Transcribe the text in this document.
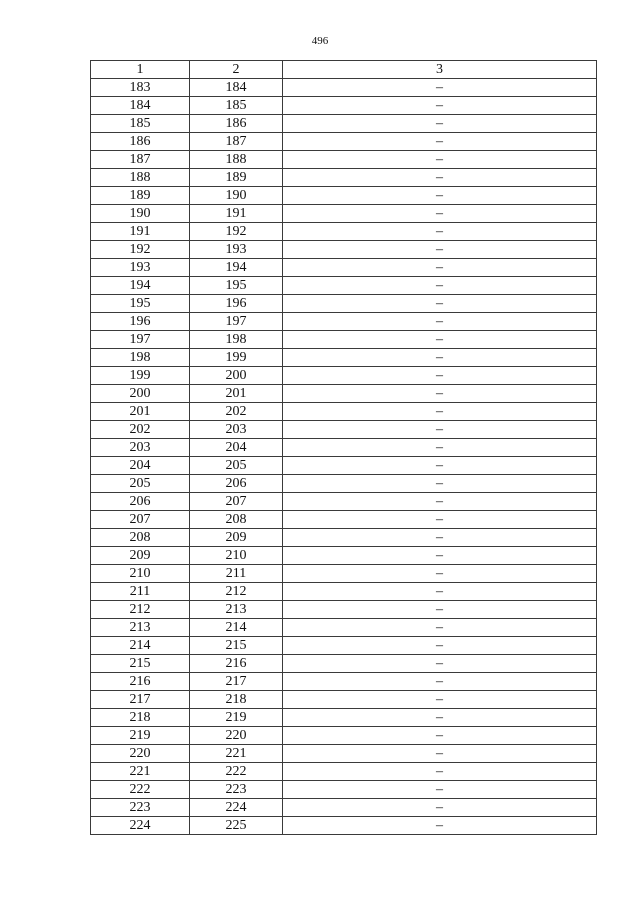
496
1	2	3
183	184	–
184	185	–
185	186	–
186	187	–
187	188	–
188	189	–
189	190	–
190	191	–
191	192	–
192	193	–
193	194	–
194	195	–
195	196	–
196	197	–
197	198	–
198	199	–
199	200	–
200	201	–
201	202	–
202	203	–
203	204	–
204	205	–
205	206	–
206	207	–
207	208	–
208	209	–
209	210	–
210	211	–
211	212	–
212	213	–
213	214	–
214	215	–
215	216	–
216	217	–
217	218	–
218	219	–
219	220	–
220	221	–
221	222	–
222	223	–
223	224	–
224	225	–
